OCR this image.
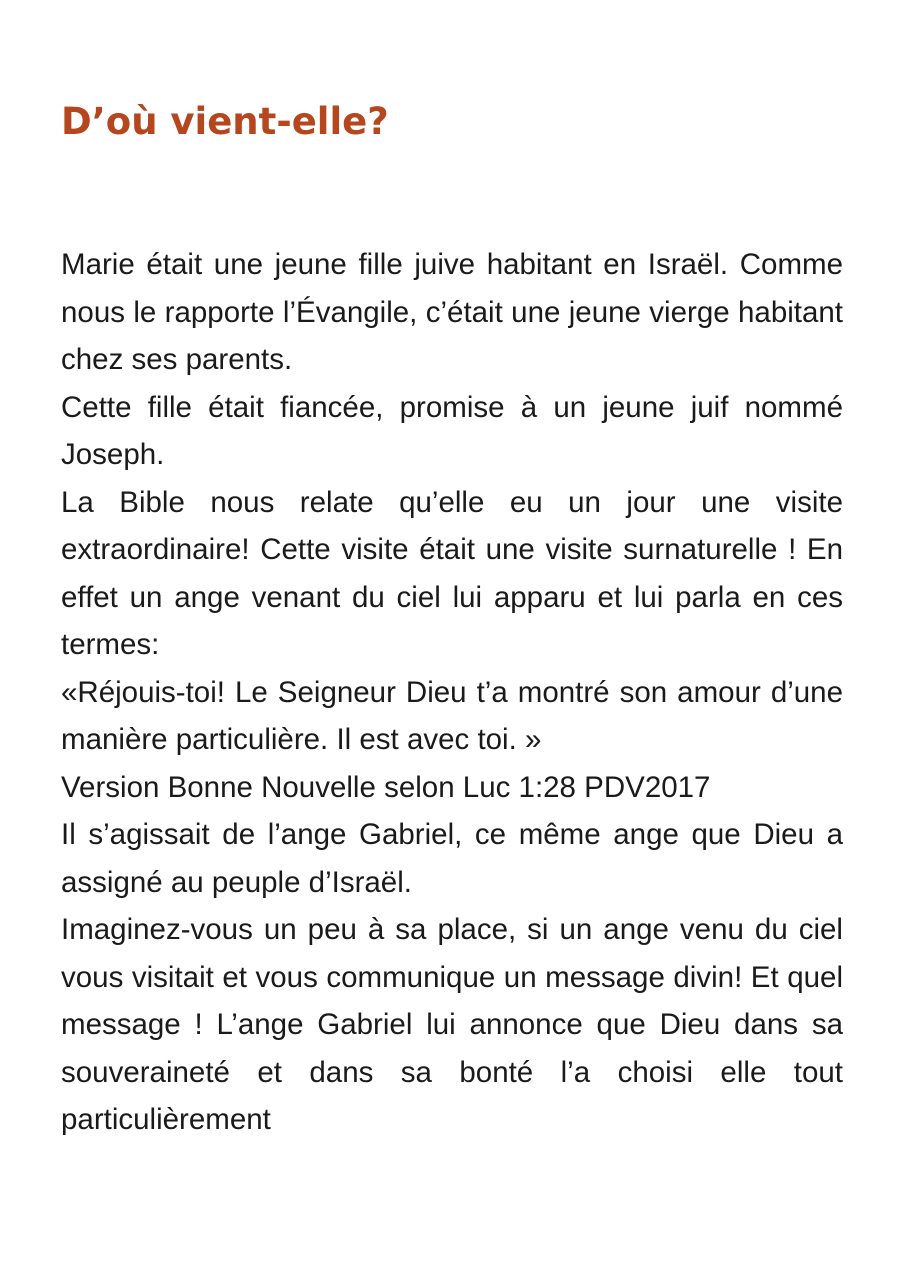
D’où vient-elle?

Marie était une jeune fille juive habitant en Israël. Comme nous le rapporte l’Évangile, c’était une jeune vierge habitant chez ses parents.

Cette fille était fiancée, promise à un jeune juif nommé Joseph.

La Bible nous relate qu’elle eu un jour une visite extraordinaire! Cette visite était une visite surnaturelle ! En effet un ange venant du ciel lui apparu et lui parla en ces termes:

«Réjouis-toi! Le Seigneur Dieu t’a montré son amour d’une manière particulière. Il est avec toi. »

Version Bonne Nouvelle selon Luc 1:28 PDV2017

Il s’agissait de l’ange Gabriel, ce même ange que Dieu a assigné au peuple d’Israël.

Imaginez-vous un peu à sa place, si un ange venu du ciel vous visitait et vous communique un message divin! Et quel message ! L’ange Gabriel lui annonce que Dieu dans sa souveraineté et dans sa bonté l’a choisi elle tout particulièrement
